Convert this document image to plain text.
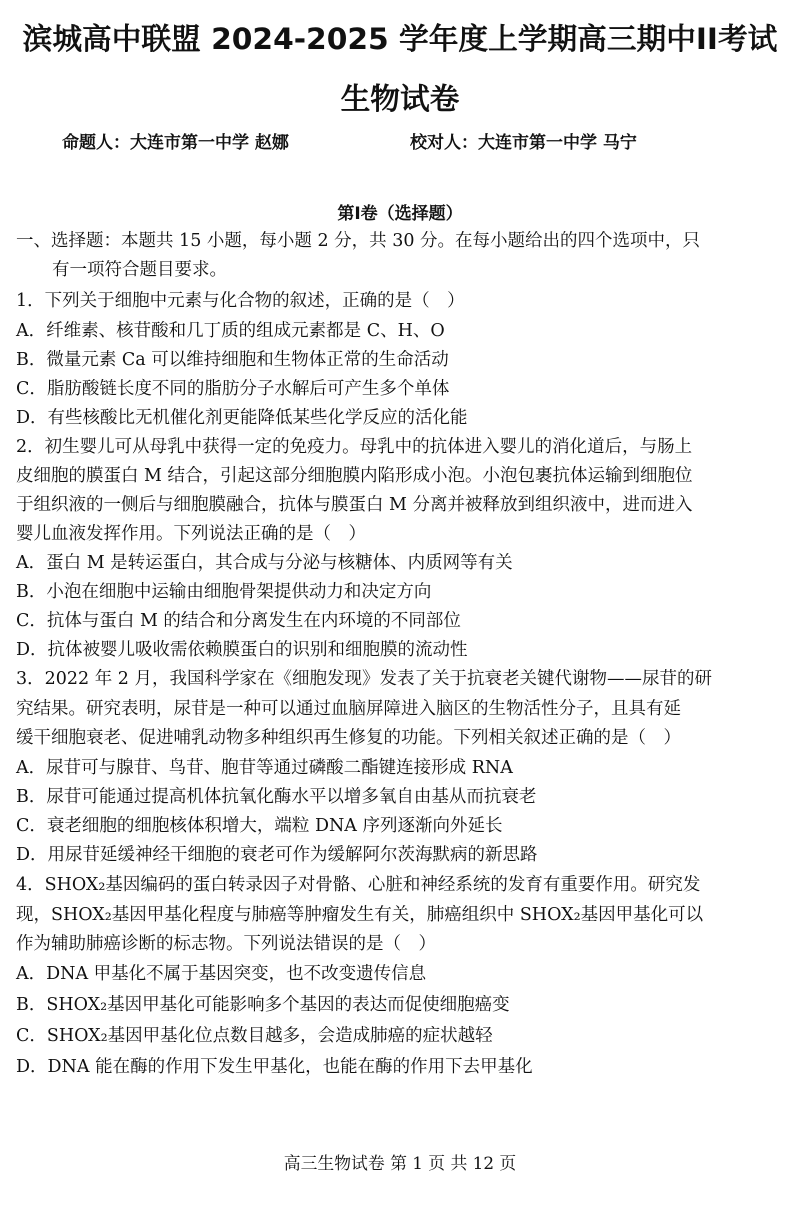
滨城高中联盟 2024-2025 学年度上学期高三期中II考试
生物试卷
命题人：大连市第一中学 赵娜	校对人：大连市第一中学 马宁
第Ⅰ卷（选择题）
一、选择题：本题共 15 小题，每小题 2 分，共 30 分。在每小题给出的四个选项中，只
有一项符合题目要求。
1．下列关于细胞中元素与化合物的叙述，正确的是（　）
A．纤维素、核苷酸和几丁质的组成元素都是 C、H、O
B．微量元素 Ca 可以维持细胞和生物体正常的生命活动
C．脂肪酸链长度不同的脂肪分子水解后可产生多个单体
D．有些核酸比无机催化剂更能降低某些化学反应的活化能
2．初生婴儿可从母乳中获得一定的免疫力。母乳中的抗体进入婴儿的消化道后，与肠上
皮细胞的膜蛋白 M 结合，引起这部分细胞膜内陷形成小泡。小泡包裹抗体运输到细胞位
于组织液的一侧后与细胞膜融合，抗体与膜蛋白 M 分离并被释放到组织液中，进而进入
婴儿血液发挥作用。下列说法正确的是（　）
A．蛋白 M 是转运蛋白，其合成与分泌与核糖体、内质网等有关
B．小泡在细胞中运输由细胞骨架提供动力和决定方向
C．抗体与蛋白 M 的结合和分离发生在内环境的不同部位
D．抗体被婴儿吸收需依赖膜蛋白的识别和细胞膜的流动性
3．2022 年 2 月，我国科学家在《细胞发现》发表了关于抗衰老关键代谢物——尿苷的研
究结果。研究表明，尿苷是一种可以通过血脑屏障进入脑区的生物活性分子，且具有延
缓干细胞衰老、促进哺乳动物多种组织再生修复的功能。下列相关叙述正确的是（　）
A．尿苷可与腺苷、鸟苷、胞苷等通过磷酸二酯键连接形成 RNA
B．尿苷可能通过提高机体抗氧化酶水平以增多氧自由基从而抗衰老
C．衰老细胞的细胞核体积增大，端粒 DNA 序列逐渐向外延长
D．用尿苷延缓神经干细胞的衰老可作为缓解阿尔茨海默病的新思路
4．SHOX₂基因编码的蛋白转录因子对骨骼、心脏和神经系统的发育有重要作用。研究发
现，SHOX₂基因甲基化程度与肺癌等肿瘤发生有关，肺癌组织中 SHOX₂基因甲基化可以
作为辅助肺癌诊断的标志物。下列说法错误的是（　）
A．DNA 甲基化不属于基因突变，也不改变遗传信息
B．SHOX₂基因甲基化可能影响多个基因的表达而促使细胞癌变
C．SHOX₂基因甲基化位点数目越多，会造成肺癌的症状越轻
D．DNA 能在酶的作用下发生甲基化，也能在酶的作用下去甲基化
高三生物试卷 第 1 页 共 12 页
